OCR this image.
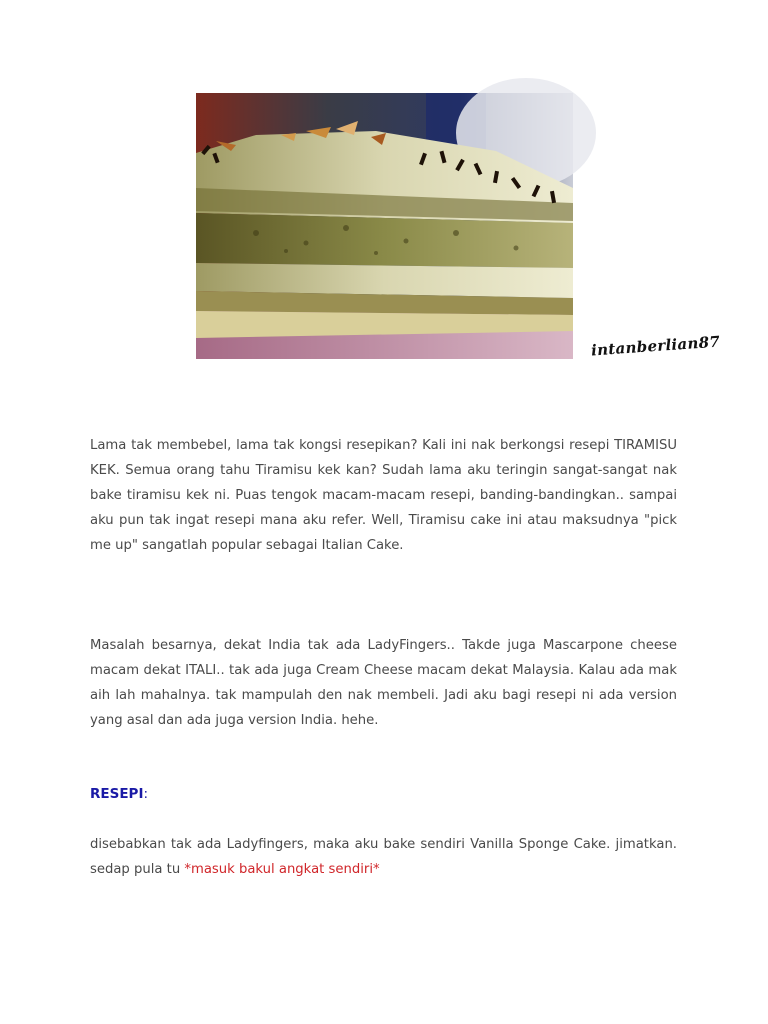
intanberlian87
Lama tak membebel, lama tak kongsi resepikan? Kali ini nak berkongsi resepi TIRAMISU KEK. Semua orang tahu Tiramisu kek kan? Sudah lama aku teringin sangat-sangat nak bake tiramisu kek ni. Puas tengok macam-macam resepi, banding-bandingkan.. sampai aku pun tak ingat resepi mana aku refer. Well, Tiramisu cake ini atau maksudnya "pick me up" sangatlah popular sebagai Italian Cake.
Masalah besarnya, dekat India tak ada LadyFingers.. Takde juga Mascarpone cheese macam dekat ITALI.. tak ada juga Cream Cheese macam dekat Malaysia. Kalau ada mak aih lah mahalnya. tak mampulah den nak membeli. Jadi aku bagi resepi ni ada version yang asal dan ada juga version India. hehe.
RESEPI:
disebabkan tak ada Ladyfingers, maka aku bake sendiri Vanilla Sponge Cake. jimatkan. sedap pula tu *masuk bakul angkat sendiri*
